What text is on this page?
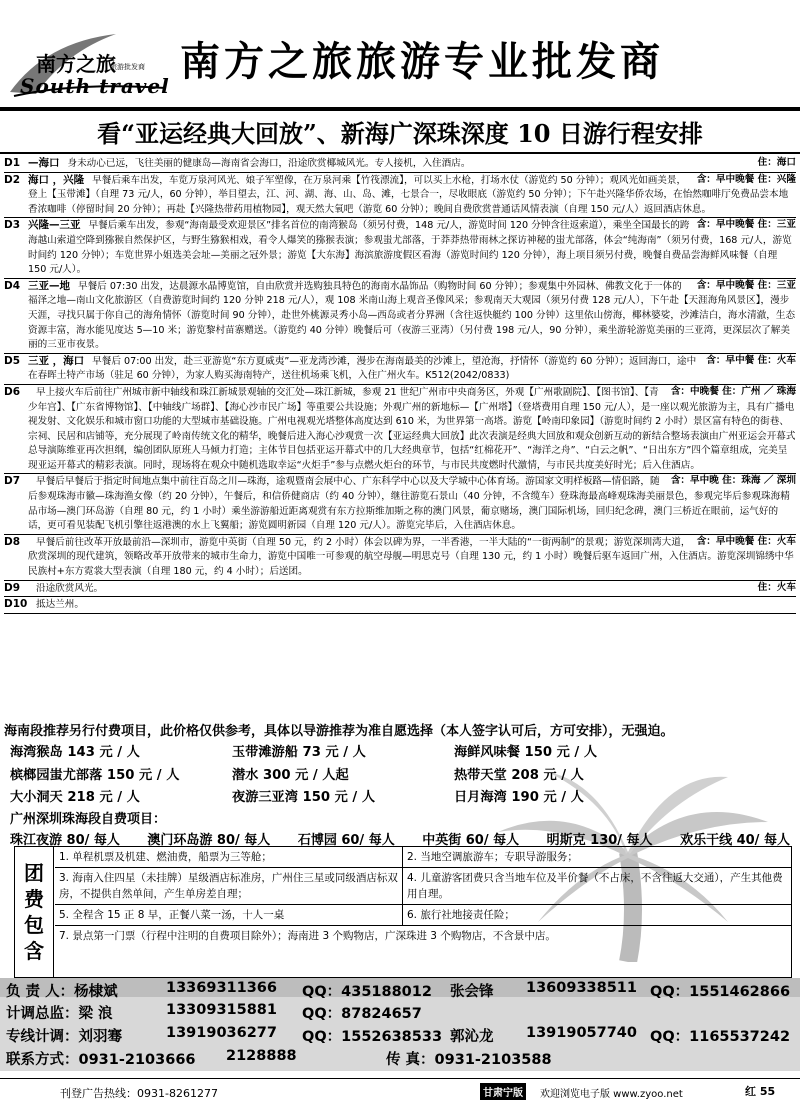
南方之旅
旅游批发商
South travel
南方之旅旅游专业批发商
看“亚运经典大回放”、新海广深珠深度 10 日游行程安排
D1	住：海口
—海口 身未动心已远，飞往美丽的健康岛—海南省会海口，沿途欣赏椰城风光。专人接机，入住酒店。
D2	含：早中晚餐 住：兴隆
海口 ，兴隆 早餐后乘车出发，车览万泉河风光、娘子军塑像，在万泉河乘【竹筏漂流】，可以买上水枪，打场水仗（游览约 50 分钟）；观风光如画美景，登上【玉带滩】（自理 73 元/人，60 分钟），举目望去，江、河、湖、海、山、岛、滩，七景合一，尽收眼底（游览约 50 分钟）；下午赴兴隆华侨农场，在怡然咖啡厅免费品尝本地香浓咖啡（停留时间 20 分钟）；再赴【兴隆热带药用植物园】，观天然大氧吧（游览 60 分钟）；晚间自费欣赏普通话风情表演（自理 150 元/人）返回酒店休息。
D3	含：早中晚餐 住：三亚
兴隆—三亚 早餐后乘车出发，参观“海南最受欢迎景区”排名首位的南湾猴岛（须另付费，148 元/人，游览时间 120 分钟含往返索道），乘坐全国最长的跨海越山索道空降到猕猴自然保护区，与野生猕猴相戏，看令人爆笑的猕猴表演；参观蚩尤部落，于莽莽热带雨林之探访神秘的蚩尤部落，体会“纯海南”（须另付费，168 元/人，游览时间约 120 分钟）；车览世界小姐选美会址—美丽之冠外景；游览【大东海】海滨旅游度假区看海（游览时间约 120 分钟），海上项目须另付费，晚餐自费品尝海鲜风味餐（自理 150 元/人）。
D4	含：早中晚餐 住：三亚
三亚—地 早餐后 07:30 出发，达晨源水晶博览馆，自由欣赏并选购独具特色的海南水晶饰品（购物时间 60 分钟）；参观集中外园林、佛教文化于一体的福泽之地—南山文化旅游区（自费游览时间约 120 分钟 218 元/人），观 108 米南山海上观音圣像风采；参观南天大观园（须另付费 128 元/人），下午赴【天涯海角风景区】，漫步天涯，寻找只属于你自己的海角情怀（游览时间 90 分钟），赴世外桃源灵秀小岛—西岛或者分界洲（含往返快艇约 100 分钟）这里依山傍海，椰林婆娑，沙滩洁白，海水清澈，生态资源丰富，海水能见度达 5—10 米；游览黎村苗寨赠送。（游览约 40 分钟）晚餐后可（夜游三亚湾）（另付费 198 元/人，90 分钟），乘坐游轮游览美丽的三亚湾，更深层次了解美丽的三亚市夜景。
D5	含：早中餐 住：火车
三亚 ，海口 早餐后 07:00 出发，赴三亚游览“东方夏威夷”—亚龙湾沙滩，漫步在海南最美的沙滩上，望沧海，抒情怀（游览约 60 分钟）；返回海口，途中在春晖土特产市场（驻足 60 分钟），为家人购买海南特产，送往机场乘飞机，入住广州火车。K512(2042/0833)
D6	含：中晚餐 住：广州 ／ 珠海
早上接火车后前往广州城市新中轴线和珠江新城景观轴的交汇处—珠江新城，参观 21 世纪广州市中央商务区，外观【广州歌剧院】、【图书馆】、【青少年宫】、【广东省博物馆】、【中轴线广场群】、【海心沙市民广场】等重要公共设施；外观广州的新地标—【广州塔】（登塔费用自理 150 元/人），是一座以观光旅游为主，具有广播电视发射、文化娱乐和城市窗口功能的大型城市基础设施。广州电视观光塔整体高度达到 610 米，为世界第一高塔。游览【岭南印象园】（游览时间约 2 小时）景区富有特色的街巷、宗祠、民居和店铺等，充分展现了岭南传统文化的精华，晚餐后进入海心沙观赏一次【亚运经典大回放】此次表演是经典大回放和观众创新互动的新结合整场表演由广州亚运会开幕式总导演陈维亚再次担纲，编创团队原班人马倾力打造；主体节目包括亚运开幕式中的几大经典章节，包括“红棉花开”、“海洋之舟”、“白云之帆”、“日出东方”四个篇章组成，完美呈现亚运开幕式的精彩表演。同时，现场将在观众中随机选取幸运“火炬手”参与点燃火炬台的环节，与市民共度燃时代激情，与市民共度美好时光；后入住酒店。
D7	含：早中晚 住：珠海 ／ 深圳
早餐后早餐后于指定时间地点集中前往百岛之川—珠海，途观暨南会展中心、广东科学中心以及大学城中心体育场。游国家文明样板路—情侣路，随后参观珠海市徽—珠海渔女像（约 20 分钟），午餐后，和信侨健商店（约 40 分钟），继往游览石景山（40 分钟，不含缆车）登珠海最高峰观珠海美丽景色，参观完毕后参观珠海精品市场—澳门环岛游（自理 80 元，约 1 小时）乘坐游游船近距离观赏有东方拉斯维加斯之称的澳门风景，葡京赌场，澳门国际机场，回归纪念碑，澳门三桥近在眼前，运气好的话，更可看见装配飞机引擎往返港澳的水上飞翼船；游览圆明新园（自理 120 元/人）。游览完毕后，入住酒店休息。
D8	含：早中晚餐 住：火车
早餐后前往改革开放最前沿—深圳市，游览中英街（自理 50 元，约 2 小时）体会以碑为界，一半香港，一半大陆的“一街两制”的景观；游览深圳湾大道，欣赏深圳的现代建筑，领略改革开放带来的城市生命力，游览中国唯一可参观的航空母舰—明思克号（自理 130 元，约 1 小时）晚餐后驱车返回广州，入住酒店。游览深圳锦绣中华民族村+东方霓裳大型表演（自理 180 元，约 4 小时）；后送团。
D9	住：火车
沿途欣赏风光。
D10 抵达兰州。
海南段推荐另行付费项目，此价格仅供参考，具体以导游推荐为准自愿选择（本人签字认可后，方可安排），无强迫。
海湾猴岛 143 元 / 人	玉带滩游船 73 元 / 人	海鲜风味餐 150 元 / 人
槟榔园蚩尤部落 150 元 / 人	潜水 300 元 / 人起	热带天堂 208 元 / 人
大小洞天 218 元 / 人	夜游三亚湾 150 元 / 人	日月海湾 190 元 / 人
广州深圳珠海段自费项目：
珠江夜游 80/ 每人 澳门环岛游 80/ 每人 石博园 60/ 每人 中英街 60/ 每人 明斯克 130/ 每人 欢乐干线 40/ 每人
团
费
包
含
1. 单程机票及机建、燃油费，船票为三等舱；	2. 当地空调旅游车；专职导游服务；
3. 海南入住四星（未挂牌）星级酒店标准房，广州住三星或同级酒店标双房，不提供自然单间，产生单房差自理；
4. 儿童游客团费只含当地车位及半价餐（不占床，不含往返大交通），产生其他费用自理。
5. 全程含 15 正 8 早，正餐八菜一汤，十人一桌	6. 旅行社地接责任险；
7. 景点第一门票（行程中注明的自费项目除外）；海南进 3 个购物店，广深珠进 3 个购物店，不含景中店。
负 责 人：杨棣斌	13369311366 QQ：435188012 张会锋 13609338511 QQ：1551462866
计调总监：梁 浪	13309315881 QQ：87824657
专线计调：刘羽骞	13919036277 QQ：1552638533 郭沁龙 13919057740 QQ：1165537242
联系方式：0931-2103666 2128888	传 真：0931-2103588
刊登广告热线：0931-8261277	甘肃宁版	欢迎浏览电子版 www.zyoo.net	红 55
